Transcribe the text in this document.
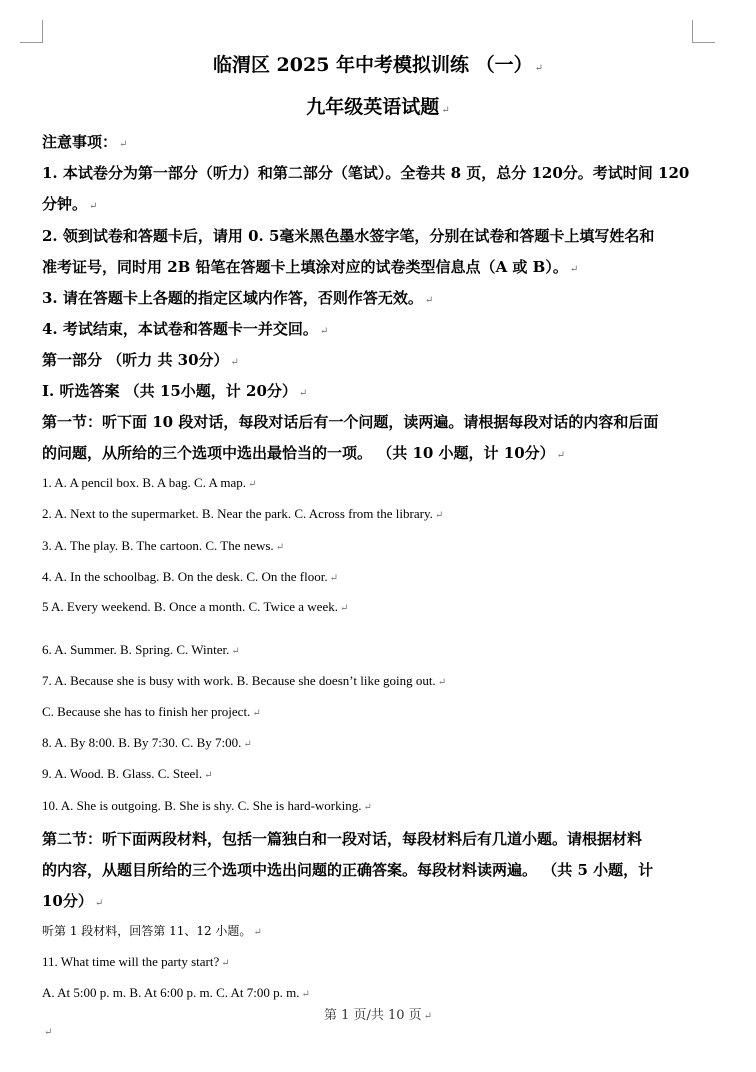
临渭区 2025 年中考模拟训练 （一） ↵
九年级英语试题 ↵
注意事项： ↵
1. 本试卷分为第一部分（听力）和第二部分（笔试）。全卷共 8 页，总分 120分。考试时间 120
分钟。 ↵
2. 领到试卷和答题卡后，请用 0. 5毫米黑色墨水签字笔，分别在试卷和答题卡上填写姓名和
准考证号，同时用 2B 铅笔在答题卡上填涂对应的试卷类型信息点（A 或 B）。 ↵
3. 请在答题卡上各题的指定区域内作答，否则作答无效。 ↵
4. 考试结束，本试卷和答题卡一并交回。 ↵
第一部分 （听力 共 30分） ↵
I. 听选答案 （共 15小题，计 20分） ↵
第一节：听下面 10 段对话，每段对话后有一个问题，读两遍。请根据每段对话的内容和后面
的问题，从所给的三个选项中选出最恰当的一项。 （共 10 小题，计 10分） ↵
1. A. A pencil box. B. A bag. C. A map. ↵
2. A. Next to the supermarket. B. Near the park. C. Across from the library. ↵
3. A. The play. B. The cartoon. C. The news. ↵
4. A. In the schoolbag. B. On the desk. C. On the floor. ↵
5 A. Every weekend. B. Once a month. C. Twice a week. ↵
6. A. Summer. B. Spring. C. Winter. ↵
7. A. Because she is busy with work. B. Because she doesn’t like going out. ↵
C. Because she has to finish her project. ↵
8. A. By 8:00. B. By 7:30. C. By 7:00. ↵
9. A. Wood. B. Glass. C. Steel. ↵
10. A. She is outgoing. B. She is shy. C. She is hard-working. ↵
第二节：听下面两段材料，包括一篇独白和一段对话，每段材料后有几道小题。请根据材料
的内容，从题目所给的三个选项中选出问题的正确答案。每段材料读两遍。 （共 5 小题，计
10分） ↵
听第 1 段材料，回答第 11、12 小题。 ↵
11. What time will the party start? ↵
A. At 5:00 p. m. B. At 6:00 p. m. C. At 7:00 p. m. ↵
第 1 页/共 10 页 ↵
↵
